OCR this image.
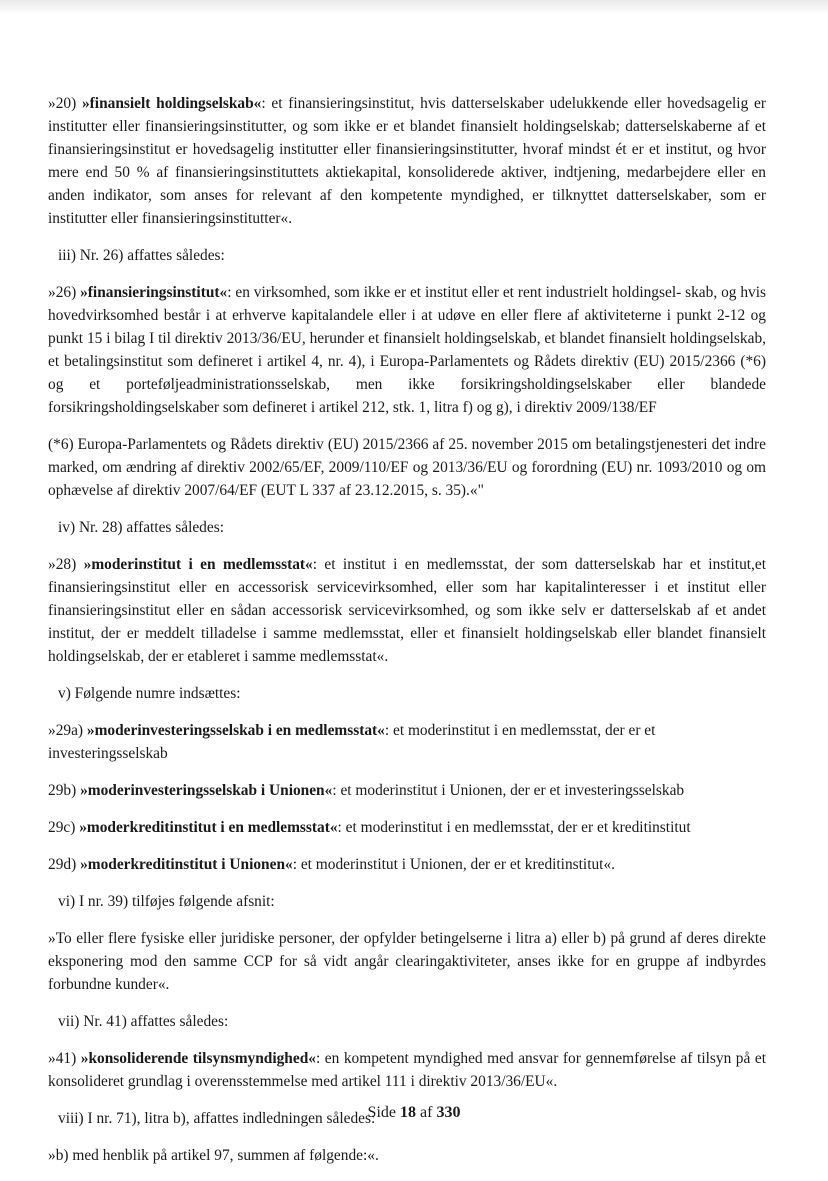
»20) »finansielt holdingselskab«: et finansieringsinstitut, hvis datterselskaber udelukkende eller hovedsagelig er institutter eller finansieringsinstitutter, og som ikke er et blandet finansielt holdingselskab; datterselskaberne af et finansieringsinstitut er hovedsagelig institutter eller finansieringsinstitutter, hvoraf mindst ét er et institut, og hvor mere end 50 % af finansieringsinstituttets aktiekapital, konsoliderede aktiver, indtjening, medarbejdere eller en anden indikator, som anses for relevant af den kompetente myndighed, er tilknyttet datterselskaber, som er institutter eller finansieringsinstitutter«.

iii) Nr. 26) affattes således:

»26) »finansieringsinstitut«: en virksomhed, som ikke er et institut eller et rent industrielt holdingsel- skab, og hvis hovedvirksomhed består i at erhverve kapitalandele eller i at udøve en eller flere af aktiviteterne i punkt 2-12 og punkt 15 i bilag I til direktiv 2013/36/EU, herunder et finansielt holdingselskab, et blandet finansielt holdingselskab, et betalingsinstitut som defineret i artikel 4, nr. 4), i Europa-Parlamentets og Rådets direktiv (EU) 2015/2366 (*6) og et porteføljeadministrationsselskab, men ikke forsikringsholdingselskaber eller blandede forsikringsholdingselskaber som defineret i artikel 212, stk. 1, litra f) og g), i direktiv 2009/138/EF

(*6) Europa-Parlamentets og Rådets direktiv (EU) 2015/2366 af 25. november 2015 om betalingstjenesteri det indre marked, om ændring af direktiv 2002/65/EF, 2009/110/EF og 2013/36/EU og forordning (EU) nr. 1093/2010 og om ophævelse af direktiv 2007/64/EF (EUT L 337 af 23.12.2015, s. 35).«"

iv) Nr. 28) affattes således:

»28) »moderinstitut i en medlemsstat«: et institut i en medlemsstat, der som datterselskab har et institut,et finansieringsinstitut eller en accessorisk servicevirksomhed, eller som har kapitalinteresser i et institut eller finansieringsinstitut eller en sådan accessorisk servicevirksomhed, og som ikke selv er datterselskab af et andet institut, der er meddelt tilladelse i samme medlemsstat, eller et finansielt holdingselskab eller blandet finansielt holdingselskab, der er etableret i samme medlemsstat«.

v) Følgende numre indsættes:

»29a) »moderinvesteringsselskab i en medlemsstat«: et moderinstitut i en medlemsstat, der er et investeringsselskab

29b) »moderinvesteringsselskab i Unionen«: et moderinstitut i Unionen, der er et investeringsselskab

29c) »moderkreditinstitut i en medlemsstat«: et moderinstitut i en medlemsstat, der er et kreditinstitut

29d) »moderkreditinstitut i Unionen«: et moderinstitut i Unionen, der er et kreditinstitut«.

vi) I nr. 39) tilføjes følgende afsnit:

»To eller flere fysiske eller juridiske personer, der opfylder betingelserne i litra a) eller b) på grund af deres direkte eksponering mod den samme CCP for så vidt angår clearingaktiviteter, anses ikke for en gruppe af indbyrdes forbundne kunder«.

vii) Nr. 41) affattes således:

»41) »konsoliderende tilsynsmyndighed«: en kompetent myndighed med ansvar for gennemførelse af tilsyn på et konsolideret grundlag i overensstemmelse med artikel 111 i direktiv 2013/36/EU«.

viii) I nr. 71), litra b), affattes indledningen således:

»b) med henblik på artikel 97, summen af følgende:«.

Side 18 af 330
